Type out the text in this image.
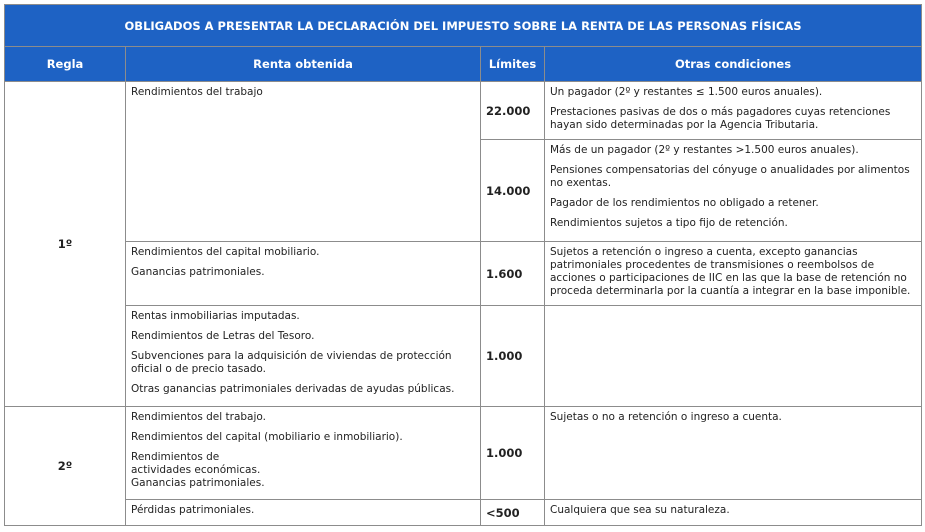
OBLIGADOS A PRESENTAR LA DECLARACIÓN DEL IMPUESTO SOBRE LA RENTA DE LAS PERSONAS FÍSICAS			
Regla	Renta obtenida	Límites	Otras condiciones
1º	Rendimientos del trabajo	22.000	Un pagador (2º y restantes ≤ 1.500 euros anuales).

Prestaciones pasivas de dos o más pagadores cuyas retenciones hayan sido determinadas por la Agencia Tributaria.

		14.000	Más de un pagador (2º y restantes >1.500 euros anuales).

Pensiones compensatorias del cónyuge o anualidades por alimentos no exentas.

Pagador de los rendimientos no obligado a retener.

Rendimientos sujetos a tipo fijo de retención.

	Rendimientos del capital mobiliario.

Ganancias patrimoniales.	1.600	Sujetos a retención o ingreso a cuenta, excepto ganancias patrimoniales procedentes de transmisiones o reembolsos de acciones o participaciones de IIC en las que la base de retención no proceda determinarla por la cuantía a integrar en la base imponible.

	Rentas inmobiliarias imputadas.

Rendimientos de Letras del Tesoro.

Subvenciones para la adquisición de viviendas de protección oficial o de precio tasado.

Otras ganancias patrimoniales derivadas de ayudas públicas.	1.000	
2º	Rendimientos del trabajo.

Rendimientos del capital (mobiliario e inmobiliario).

Rendimientos de actividades económicas.

Ganancias patrimoniales.	1.000	Sujetas o no a retención o ingreso a cuenta.
	Pérdidas patrimoniales.	<500	Cualquiera que sea su naturaleza.
